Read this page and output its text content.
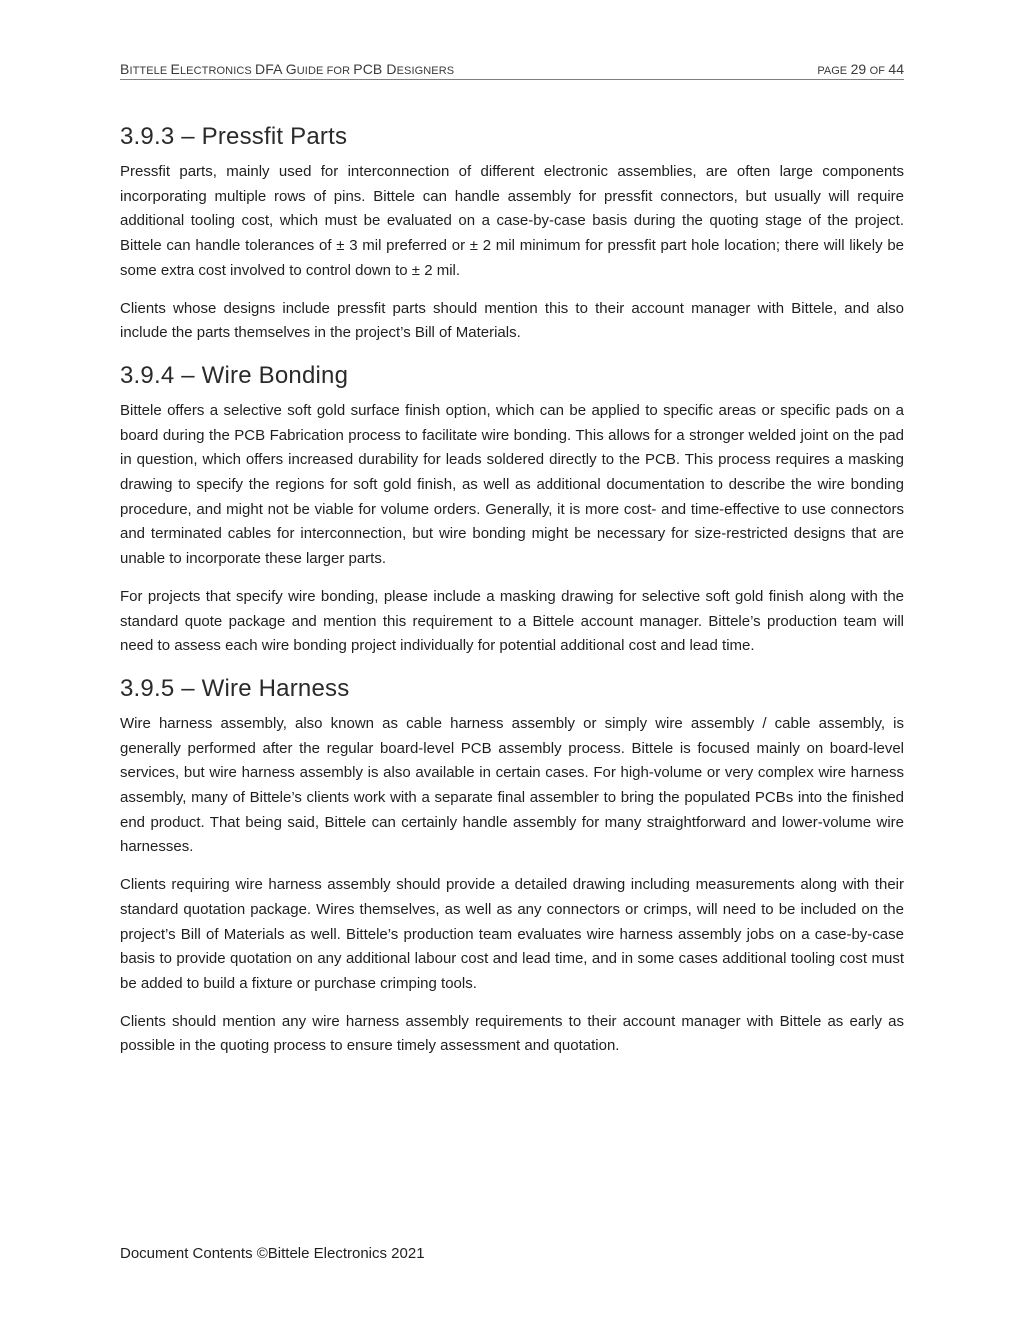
BITTELE ELECTRONICS DFA GUIDE FOR PCB DESIGNERS	PAGE 29 OF 44
3.9.3 – Pressfit Parts

Pressfit parts, mainly used for interconnection of different electronic assemblies, are often large components incorporating multiple rows of pins. Bittele can handle assembly for pressfit connectors, but usually will require additional tooling cost, which must be evaluated on a case-by-case basis during the quoting stage of the project. Bittele can handle tolerances of ± 3 mil preferred or ± 2 mil minimum for pressfit part hole location; there will likely be some extra cost involved to control down to ± 2 mil.

Clients whose designs include pressfit parts should mention this to their account manager with Bittele, and also include the parts themselves in the project’s Bill of Materials.

3.9.4 – Wire Bonding

Bittele offers a selective soft gold surface finish option, which can be applied to specific areas or specific pads on a board during the PCB Fabrication process to facilitate wire bonding. This allows for a stronger welded joint on the pad in question, which offers increased durability for leads soldered directly to the PCB. This process requires a masking drawing to specify the regions for soft gold finish, as well as additional documentation to describe the wire bonding procedure, and might not be viable for volume orders. Generally, it is more cost- and time-effective to use connectors and terminated cables for interconnection, but wire bonding might be necessary for size-restricted designs that are unable to incorporate these larger parts.

For projects that specify wire bonding, please include a masking drawing for selective soft gold finish along with the standard quote package and mention this requirement to a Bittele account manager. Bittele’s production team will need to assess each wire bonding project individually for potential additional cost and lead time.

3.9.5 – Wire Harness

Wire harness assembly, also known as cable harness assembly or simply wire assembly / cable assembly, is generally performed after the regular board-level PCB assembly process. Bittele is focused mainly on board-level services, but wire harness assembly is also available in certain cases. For high-volume or very complex wire harness assembly, many of Bittele’s clients work with a separate final assembler to bring the populated PCBs into the finished end product. That being said, Bittele can certainly handle assembly for many straightforward and lower-volume wire harnesses.

Clients requiring wire harness assembly should provide a detailed drawing including measurements along with their standard quotation package. Wires themselves, as well as any connectors or crimps, will need to be included on the project’s Bill of Materials as well. Bittele’s production team evaluates wire harness assembly jobs on a case-by-case basis to provide quotation on any additional labour cost and lead time, and in some cases additional tooling cost must be added to build a fixture or purchase crimping tools.

Clients should mention any wire harness assembly requirements to their account manager with Bittele as early as possible in the quoting process to ensure timely assessment and quotation.

Document Contents ©Bittele Electronics 2021
